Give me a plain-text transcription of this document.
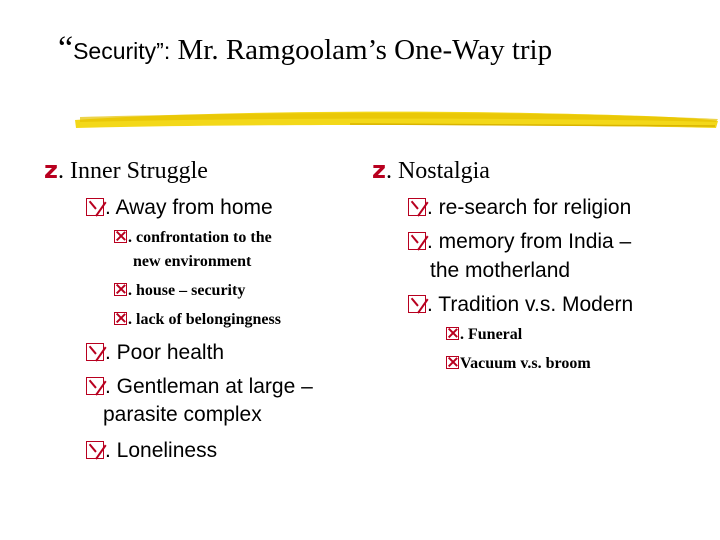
“Security”: Mr. Ramgoolam’s One-Way trip
z. Inner Struggle
. Away from home
. confrontation to the
new environment
. house – security
. lack of belongingness
. Poor health
. Gentleman at large –
parasite complex
. Loneliness
z. Nostalgia
. re-search for religion
. memory from India –
the motherland
. Tradition v.s. Modern
. Funeral
Vacuum v.s. broom
